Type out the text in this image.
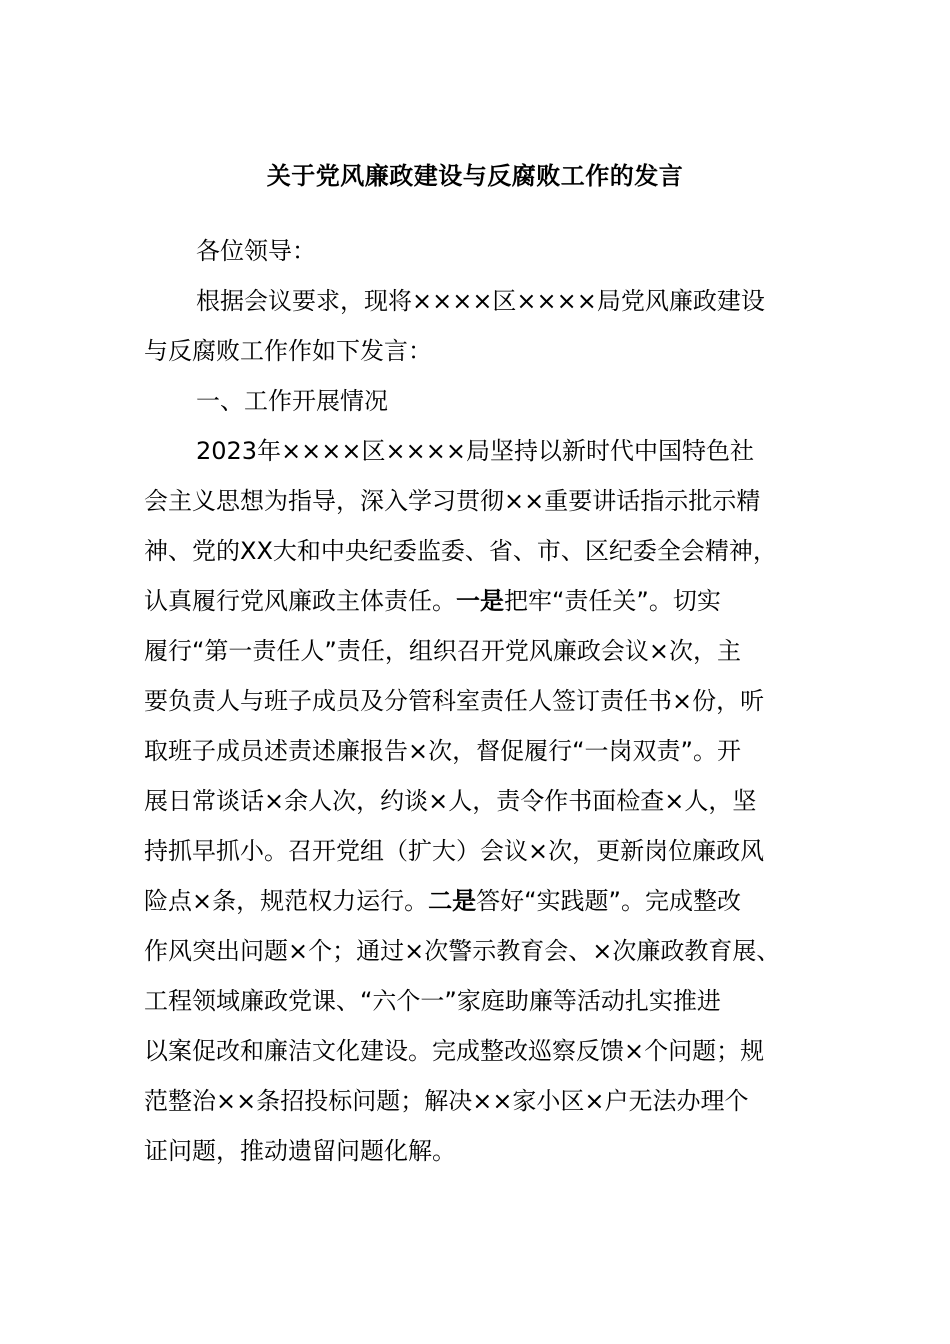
关于党风廉政建设与反腐败工作的发言
各位领导：
根据会议要求，现将××××区××××局党风廉政建设
与反腐败工作作如下发言：
一、工作开展情况
2023年××××区××××局坚持以新时代中国特色社
会主义思想为指导，深入学习贯彻××重要讲话指示批示精
神、党的XX大和中央纪委监委、省、市、区纪委全会精神，
认真履行党风廉政主体责任。一是把牢“责任关”。切实
履行“第一责任人”责任，组织召开党风廉政会议×次，主
要负责人与班子成员及分管科室责任人签订责任书×份，听
取班子成员述责述廉报告×次，督促履行“一岗双责”。开
展日常谈话×余人次，约谈×人，责令作书面检查×人，坚
持抓早抓小。召开党组（扩大）会议×次，更新岗位廉政风
险点×条，规范权力运行。二是答好“实践题”。完成整改
作风突出问题×个；通过×次警示教育会、×次廉政教育展、
工程领域廉政党课、“六个一”家庭助廉等活动扎实推进
以案促改和廉洁文化建设。完成整改巡察反馈×个问题；规
范整治××条招投标问题；解决××家小区×户无法办理个
证问题，推动遗留问题化解。
